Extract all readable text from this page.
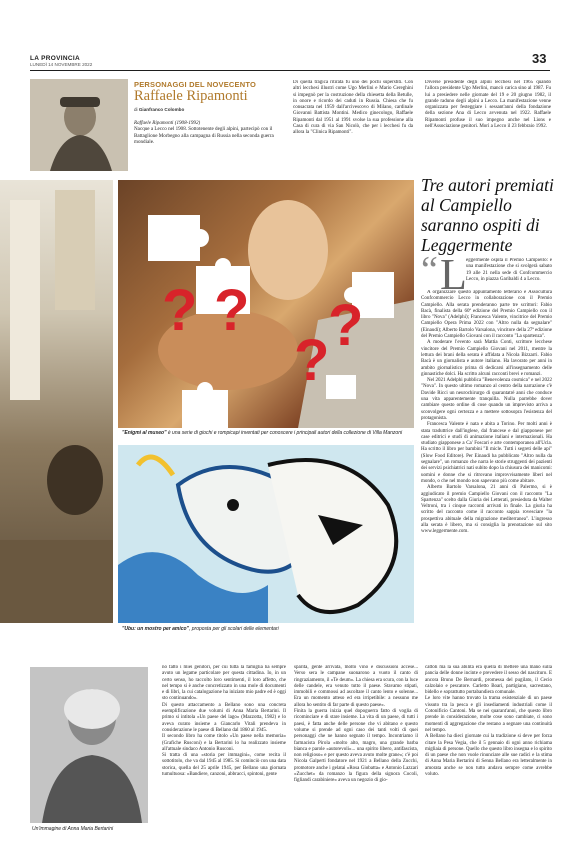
LA PROVINCIA
LUNEDÌ 14 NOVEMBRE 2022	33
PERSONAGGI DEL NOVECENTO
Raffaele Ripamonti
di Gianfranco Colombo
Raffaele Ripamonti (1908-1992)
Nacque a Lecco nel 1908. Sottotenente degli alpini, partecipò con il Battaglione Morbegno alla campagna di Russia nella seconda guerra mondiale.
Di quella tragica ritirata fu uno dei pochi superstiti. Con altri lecchesi illustri come Ugo Merlini e Mario Cereghini si impegnò per la costruzione della chiesetta della Betulle, in onore e ricordo dei caduti in Russia. Chiesa che fu consacrata nel 1959 dall'arcivescovo di Milano, cardinale Giovanni Battista Montini. Medico ginecologo, Raffaele Ripamonti dal 1951 al 1991 svolse la sua professione alla Casa di cura di via San Nicolò, che per i lecchesi fu da allora la "Clinica Ripamonti".
Diverse presidente degli alpini lecchesi nel 1965 quando l'allora presidente Ugo Merlini, mancò carica sino al 1987. Fu lui a presiedere nelle giornate del 19 e 20 giugno 1982, il grande raduno degli alpini a Lecco. La manifestazione venne organizzata per festeggiare i sessant'anni della fondazione della sezione Ana di Lecco avvenuta nel 1922. Raffaele Ripamonti profuse il suo impegno anche nel Lions e nell'Associazione genitori. Morì a Lecco il 23 febbraio 1992.
? ? ?
?
"Enigmi al museo" è una serie di giochi e rompicapi inventati per conoscere i principali autori della collezione di Villa Manzoni
"Ubu: un mostro per amico", proposta per gli scolari delle elementari
Tre autori premiati al Campiello saranno ospiti di Leggermente
“ L eggermente ospita il Premio Campiello: è una manifestazione che si svolgerà sabato 19 alle 21 nella sede di Confcommercio Lecco, in piazza Garibaldi 4 a Lecco.

A organizzare questo appuntamento letterario è Assocultura Confcommercio Lecco in collaborazione con il Premio Campiello. Alla serata prenderanno parte tre scrittori: Fabio Bacà, finalista della 60ª edizione del Premio Campiello con il libro "Nova" (Adelphi); Francesca Valente, vincitrice del Premio Campiello Opera Prima 2022 con "Altro nulla da segnalare" (Einaudi); Alberto Bartolo Varsalona, vincitore della 27ª edizione del Premio Campiello Giovani con il racconto "La spartenza".

A moderare l'evento sarà Mattia Conti, scrittore lecchese vincitore del Premio Campiello Giovani nel 2011, mentre la lettura dei brani della serata è affidata a Nicola Bizzarri. Fabio Bacà è un giornalista e autore italiano. Ha lavorato per anni in ambito giornalistico prima di dedicarsi all'insegnamento delle ginnastiche dolci. Ha scritto alcuni racconti brevi e romanzi.

Nel 2021 Adelphi pubblica "Benevolenza cosmica" e nel 2022 "Nova". In questo ultimo romanzo al centro della narrazione c'è Davide Ricci un neurochirurgo di quarantatré anni che conduce una vita apparentemente tranquilla. Nulla parrebbe dover cambiare questo ordine di cose quando un imprevisto arriva a sconvolgere ogni certezza e a mettere sottosopra l'esistenza del protagonista.

Francesca Valente è nata e abita a Torino. Per molti anni è stata traduttrice dall'inglese, dal francese e dal giapponese per case editrici e studi di animazione italiani e internazionali. Ha studiato giapponese a Ca' Foscari e arte contemporanea all'Ucla. Ha scritto il libro per bambini "Il micle. Tutti i segreti delle api" (Slow Food Editore). Per Einaudi ha pubblicato "Altro nulla da segnalare", un romanzo che narra le storie struggenti dei pazienti dei servizi psichiatrici nati subito dopo la chiusura dei manicomi: uomini e donne che si ritrovano improvvisamente liberi nel mondo, o che nel mondo non sapevano più come abitare.

Alberto Bartolo Varsalona, 21 anni di Palermo, si è aggiudicato il premio Campiello Giovani con il racconto "La Spartenza" scelto dalla Giuria dei Letterati, presieduta da Walter Veltroni, tra i cinque racconti arrivati in finale. La giuria ha scritto del racconto come il racconto sappia rovesciare "la prospettiva abituale della migrazione mediterranea". L'ingresso alla serata è libero, ma si consiglia la prenotazione sul sito www.leggermente.com.

Un'immagine di Anna Maria Bertarini
no fatto i miei genitori, per cui tutta la famiglia ha sempre avuto un legame particolare per questa cittadina. Io, in un certo senso, ho raccolto loro sentimenti, il loro affetto, che nel tempo si è anche concretizzato in una mole di documenti e di libri, la cui catalogazione ha iniziato mio padre ed è oggi sto continuando».
Di questo attaccamento a Bellano sono una concreta esemplificazione due volumi di Anna Maria Bertarini. Il primo si intitola «Un paese del lago» (Mazzotta, 1982) e lo aveva curato insieme a Giancarlo Vitali prendeva in considerazione le paese di Bellano dal 1860 al 1945.
Il secondo libro ha come titolo «Un paese nella memoria» (Grafiche Rusconi) e la Bertarini lo ha realizzato insieme all'attuale sindaco Antonio Rusconi.
Si tratta di una «storia per immagini», come recita il sottotitolo, che va dal 1945 al 1985. Si cominciò con una data storica, quella del 25 aprile 1945, per Bellano una giornata tumultuosa: «Bandiere, canzoni, abbracci, spintoni, gente
sparita, gente arrivata, molto vino e discussioni accese... Verso sera le campane suonarono a vuoto il canto di ringraziamento, il «Te deum». La chiesa era scura, con la luce delle candele, era venuto tutto il paese. Stavamo stipati, immobili e commossi ad ascoltare il canto lento e solenne... Era un momento atteso ed era irripetibile: a nessuno me allora ho sentito di far parte di questo paese».
Finita la guerra inizia quel dopoguerra fatto di voglia di ricominciare e di stare insieme. La vita di un paese, di tutti i paesi, è fatta anche delle persone che vi abitano e questo volume si prende ad ogni caso dei tanti volti di quei personaggi che ne hanno segnato il tempo. Incontriamo il farmacista Pirola «molto alto, magro, una grande barba bianca e parole «autorevoli»... una spirito libero, antifascista, non religioso» e per questo aveva avuto molte grane»; c'è poi Nicola Galperti fondatore nel 1921 a Bellano della Zucchi, promotore anche i gelatai «Rosa Giobatta» e Antonio Lazzari «Zucchet» da romanzo la figura della signora Cocoli, figliandi carabiniere» aveva un negozio di gio-
cattoli ma la sua abilità era quella di mettere una mano sulla pancia delle donne incinte e prevedere il sesso del nascituro. E ancora Bruno De Bernardi, promessa del pugilato, il Cecio calzolaio e pescatore. Carletto Boari, partigiano, sacrestano, bidello e soprattutto portabandiera comunale.
Le loro vite hanno trovato la trama esistenziale di un paese vissuto tra la pesca e gli insediamenti industriali come il Cotonificio Cantoni. Ma se nei quarant'anni, che questo libro prende in considerazione, molte cose sono cambiate, ci sono momenti di aggregazione che restano a segnare una continuità nel tempo.
A Bellano ha dieci giornate cui la tradizione si deve per forza citare la Pesa Vegia, che il 5 gennaio di ogni anno richiama migliaia di persone. Quello che questo libro insegna e lo spirito di un paese che non vuole rinunciare alle sue radici e la stima di Anna Maria Bertarini di Senna Bellano era letteralmente in amorata anche se non tutto andava sempre come avrebbe voluto.
